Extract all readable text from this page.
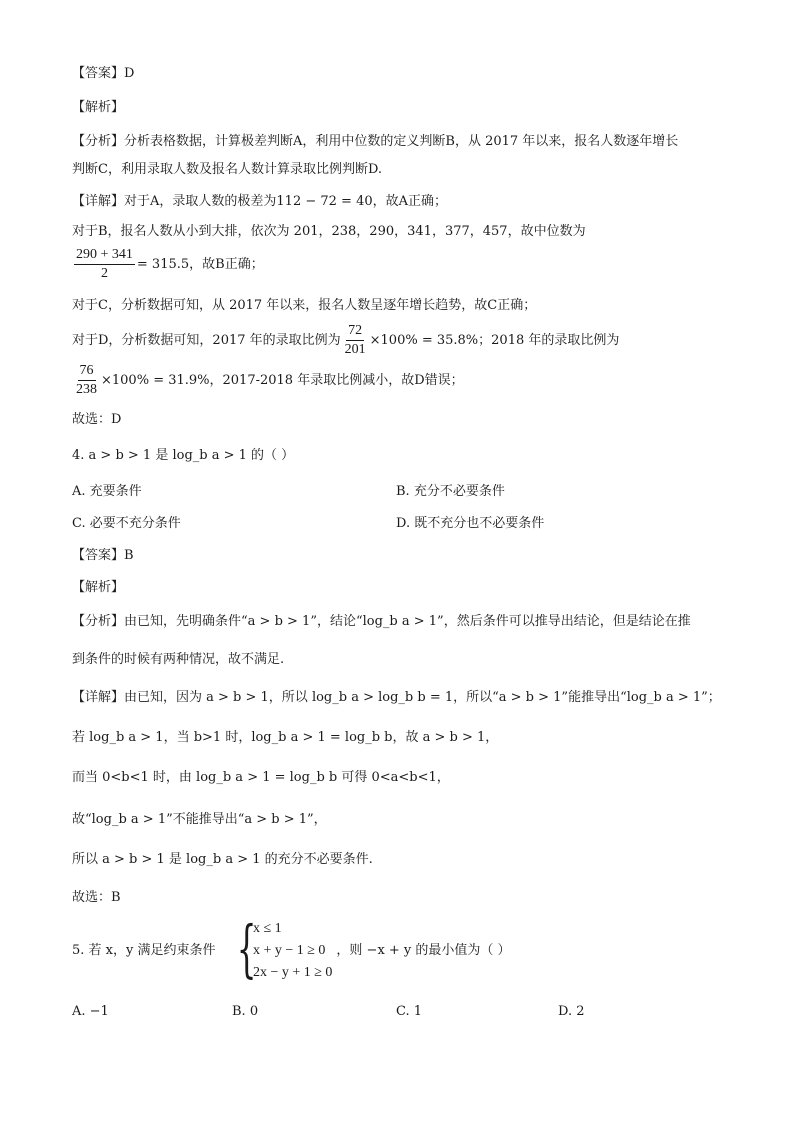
【答案】D
【解析】
【分析】分析表格数据，计算极差判断A，利用中位数的定义判断B，从 2017 年以来，报名人数逐年增长
判断C，利用录取人数及报名人数计算录取比例判断D.
【详解】对于A，录取人数的极差为112 − 72 = 40，故A正确；
对于B，报名人数从小到大排，依次为 201，238，290，341，377，457，故中位数为
$\frac{290 + 341}{2} = 315.5$，故B正确；
对于C，分析数据可知，从 2017 年以来，报名人数呈逐年增长趋势，故C正确；
对于D，分析数据可知，2017 年的录取比例为 $\frac{72}{201} \times 100\% = 35.8\%$；2018 年的录取比例为
$\frac{76}{238} \times 100\% = 31.9\%$，2017-2018 年录取比例减小，故D错误；
故选：D
4. a > b > 1 是 log_b a > 1 的（ ）
A. 充要条件	B. 充分不必要条件
C. 必要不充分条件	D. 既不充分也不必要条件
【答案】B
【解析】
【分析】由已知，先明确条件“a > b > 1”，结论“log_b a > 1”，然后条件可以推导出结论，但是结论在推
到条件的时候有两种情况，故不满足.
【详解】由已知，因为 a > b > 1，所以 log_b a > log_b b = 1，所以“a > b > 1”能推导出“log_b a > 1”；
若 log_b a > 1，当 b>1 时，log_b a > 1 = log_b b，故 a > b > 1，
而当 0<b<1 时，由 log_b a > 1 = log_b b 可得 0<a<b<1，
故“log_b a > 1”不能推导出“a > b > 1”，
所以 a > b > 1 是 log_b a > 1 的充分不必要条件.
故选：B
5. 若 x，y 满足约束条件 {
x ≤ 1
x + y − 1 ≥ 0
2x − y + 1 ≥ 0
，则 −x + y 的最小值为（ ）
A. −1	B. 0	C. 1	D. 2
